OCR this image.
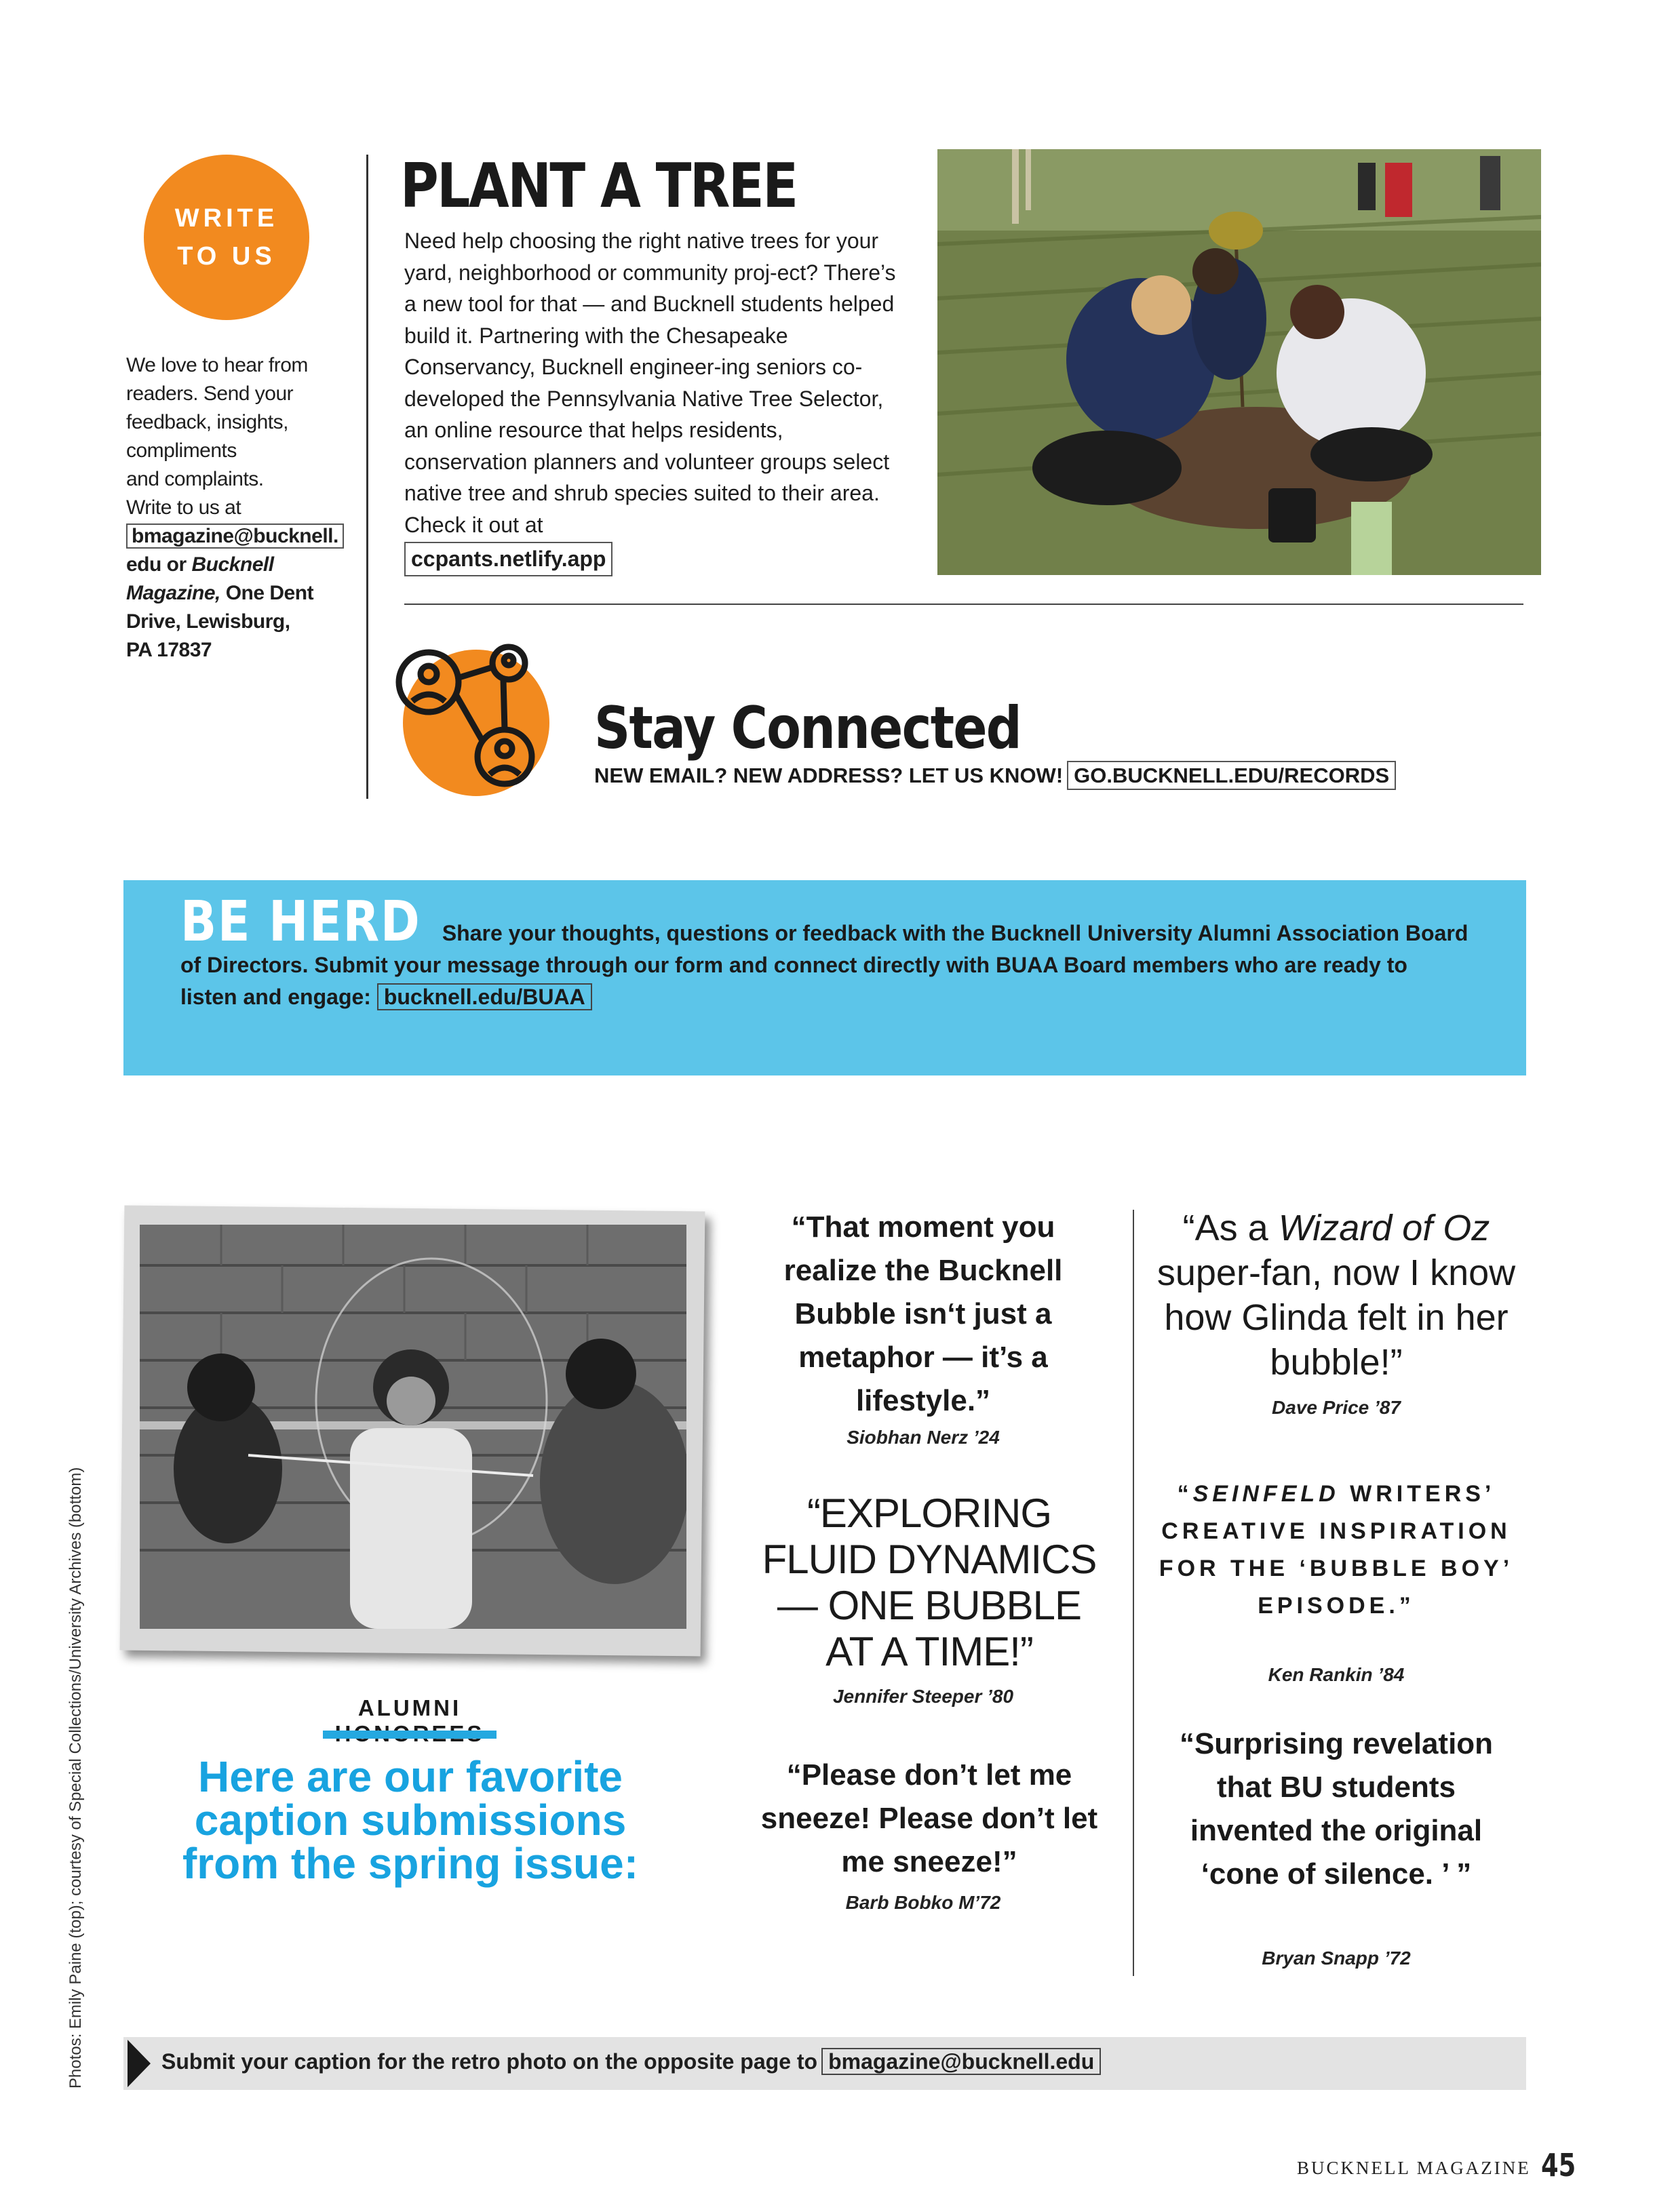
WRITE
TO US
We love to hear from
readers. Send your
feedback, insights,
compliments
and complaints.
Write to us at
bmagazine@bucknell.
edu or Bucknell
Magazine, One Dent
Drive, Lewisburg,
PA 17837
PLANT A TREE
Need help choosing the right native trees for your yard, neighborhood or community proj-ect? There’s a new tool for that — and Bucknell students helped build it. Partnering with the Chesapeake Conservancy, Bucknell engineer-ing seniors co-developed the Pennsylvania Native Tree Selector, an online resource that helps residents, conservation planners and volunteer groups select native tree and shrub species suited to their area. Check it out at
ccpants.netlify.app
Stay Connected
NEW EMAIL? NEW ADDRESS? LET US KNOW! GO.BUCKNELL.EDU/RECORDS
BE HERD Share your thoughts, questions or feedback with the Bucknell University Alumni Association Board of Directors. Submit your message through our form and connect directly with BUAA Board members who are ready to listen and engage: bucknell.edu/BUAA
ALUMNI
Here are our favorite caption submissions from the spring issue:
“That moment you realize the Bucknell Bubble isn‘t just a metaphor — it’s a lifestyle.”
Siobhan Nerz ’24
“EXPLORING FLUID DYNAMICS — ONE BUBBLE AT A TIME!”
Jennifer Steeper ’80
“Please don’t let me sneeze! Please don’t let me sneeze!”
Barb Bobko M’72
“As a Wizard of Oz super-fan, now I know how Glinda felt in her bubble!”
Dave Price ’87
“SEINFELD WRITERS’ CREATIVE INSPIRATION FOR THE ‘BUBBLE BOY’ EPISODE.”
Ken Rankin ’84
“Surprising revelation that BU students invented the original ‘cone of silence. ’ ”
Bryan Snapp ’72
Submit your caption for the retro photo on the opposite page to bmagazine@bucknell.edu
Photos: Emily Paine (top); courtesy of Special Collections/University Archives (bottom)
BUCKNELL MAGAZINE 45
